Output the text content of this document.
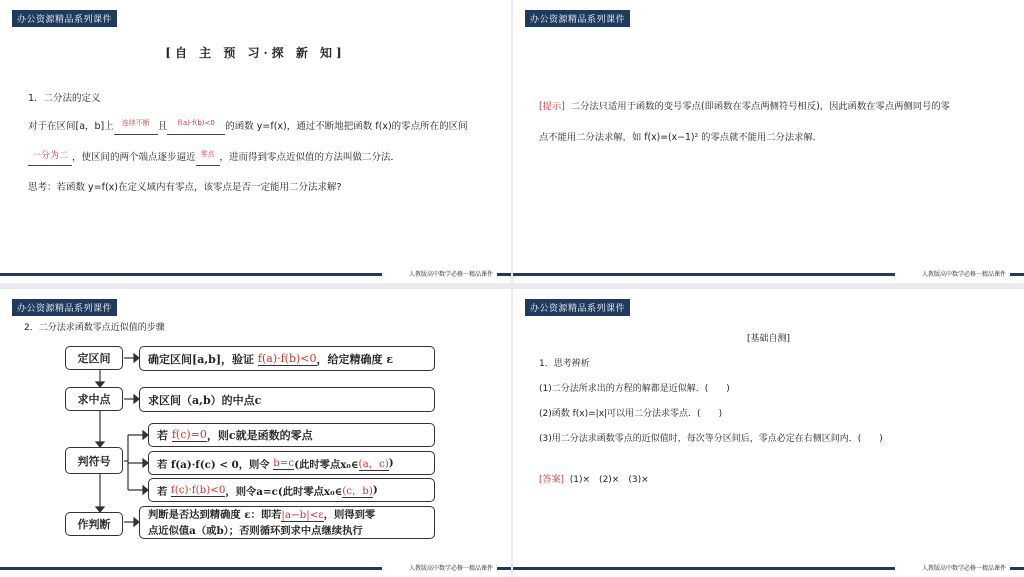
办公资源精品系列课件
[自 主 预 习·探 新 知]
1．二分法的定义
对于在区间[a，b]上 $^{连续不断}$ 且 $^{f(a)\cdot f(b)<0}$ 的函数 y=f(x)，通过不断地把函数 f(x)的零点所在的区间
一分为二 ，使区间的两个端点逐步逼近 $^{零点}$ ，进而得到零点近似值的方法叫做二分法．
思考：若函数 y=f(x)在定义域内有零点，该零点是否一定能用二分法求解?
人教版高中数学必修一精品课件
办公资源精品系列课件
[提示] 二分法只适用于函数的变号零点(即函数在零点两侧符号相反)，因此函数在零点两侧同号的零
点不能用二分法求解，如 f(x)=(x−1)² 的零点就不能用二分法求解．
人教版高中数学必修一精品课件
办公资源精品系列课件
2．二分法求函数零点近似值的步骤
定区间
求中点
判符号
作判断
确定区间[a,b]，验证
f(a)·f(b)<0 ，给定精确度 ε
求区间（a,b）的中点c
若
f(c)=0 ，则c就是函数的零点
若 f(a)·f(c) < 0，则令
b=c (此时零点x₀∈ (a，c) )
若
f(c)·f(b)<0 ，则令a=c(此时零点x₀∈ (c，b) )
判断是否达到精确度 ε：即若|a−b|<ε，则得到零
点近似值a（或b）；否则循环到求中点继续执行
人教版高中数学必修一精品课件
办公资源精品系列课件
[基础自测]
1．思考辨析
(1)二分法所求出的方程的解都是近似解．(　　)
(2)函数 f(x)=|x|可以用二分法求零点．(　　)
(3)用二分法求函数零点的近似值时，每次等分区间后，零点必定在右侧区间内．(　　)
[答案] (1)×　(2)×　(3)×
人教版高中数学必修一精品课件
